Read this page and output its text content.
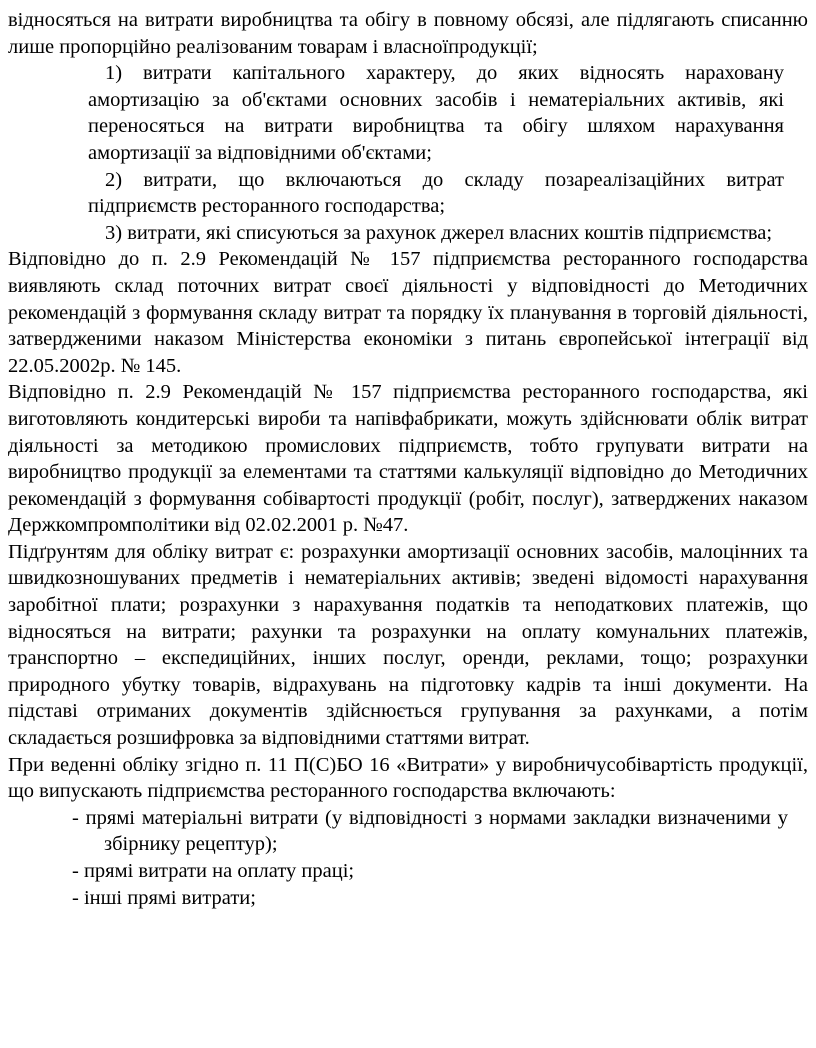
відносяться на витрати виробництва та обігу в повному обсязі, але підлягають списанню лише пропорційно реалізованим товарам і власноїпродукції;

1) витрати капітального характеру, до яких відносять нараховану амортизацію за об'єктами основних засобів і нематеріальних активів, які переносяться на витрати виробництва та обігу шляхом нарахування амортизації за відповідними об'єктами;

2) витрати, що включаються до складу позареалізаційних витрат підприємств ресторанного господарства;

3) витрати, які списуються за рахунок джерел власних коштів підприємства;

Відповідно до п. 2.9 Рекомендацій № 157 підприємства ресторанного господарства виявляють склад поточних витрат своєї діяльності у відповідності до Методичних рекомендацій з формування складу витрат та порядку їх планування в торговій діяльності, затвердженими наказом Міністерства економіки з питань європейської інтеграції від 22.05.2002р. № 145.

Відповідно п. 2.9 Рекомендацій № 157 підприємства ресторанного господарства, які виготовляють кондитерські вироби та напівфабрикати, можуть здійснювати облік витрат діяльності за методикою промислових підприємств, тобто групувати витрати на виробництво продукції за елементами та статтями калькуляції відповідно до Методичних рекомендацій з формування собівартості продукції (робіт, послуг), затверджених наказом Держкомпромполітики від 02.02.2001 р. №47.

Підґрунтям для обліку витрат є: розрахунки амортизації основних засобів, малоцінних та швидкозношуваних предметів і нематеріальних активів; зведені відомості нарахування заробітної плати; розрахунки з нарахування податків та неподаткових платежів, що відносяться на витрати; рахунки та розрахунки на оплату комунальних платежів, транспортно – експедиційних, інших послуг, оренди, реклами, тощо; розрахунки природного убутку товарів, відрахувань на підготовку кадрів та інші документи. На підставі отриманих документів здійснюється групування за рахунками, а потім складається розшифровка за відповідними статтями витрат.

При веденні обліку згідно п. 11 П(С)БО 16 «Витрати» у виробничусобівартість продукції, що випускають підприємства ресторанного господарства включають:

- прямі матеріальні витрати (у відповідності з нормами закладки визначеними у збірнику рецептур);

- прямі витрати на оплату праці;

- інші прямі витрати;
